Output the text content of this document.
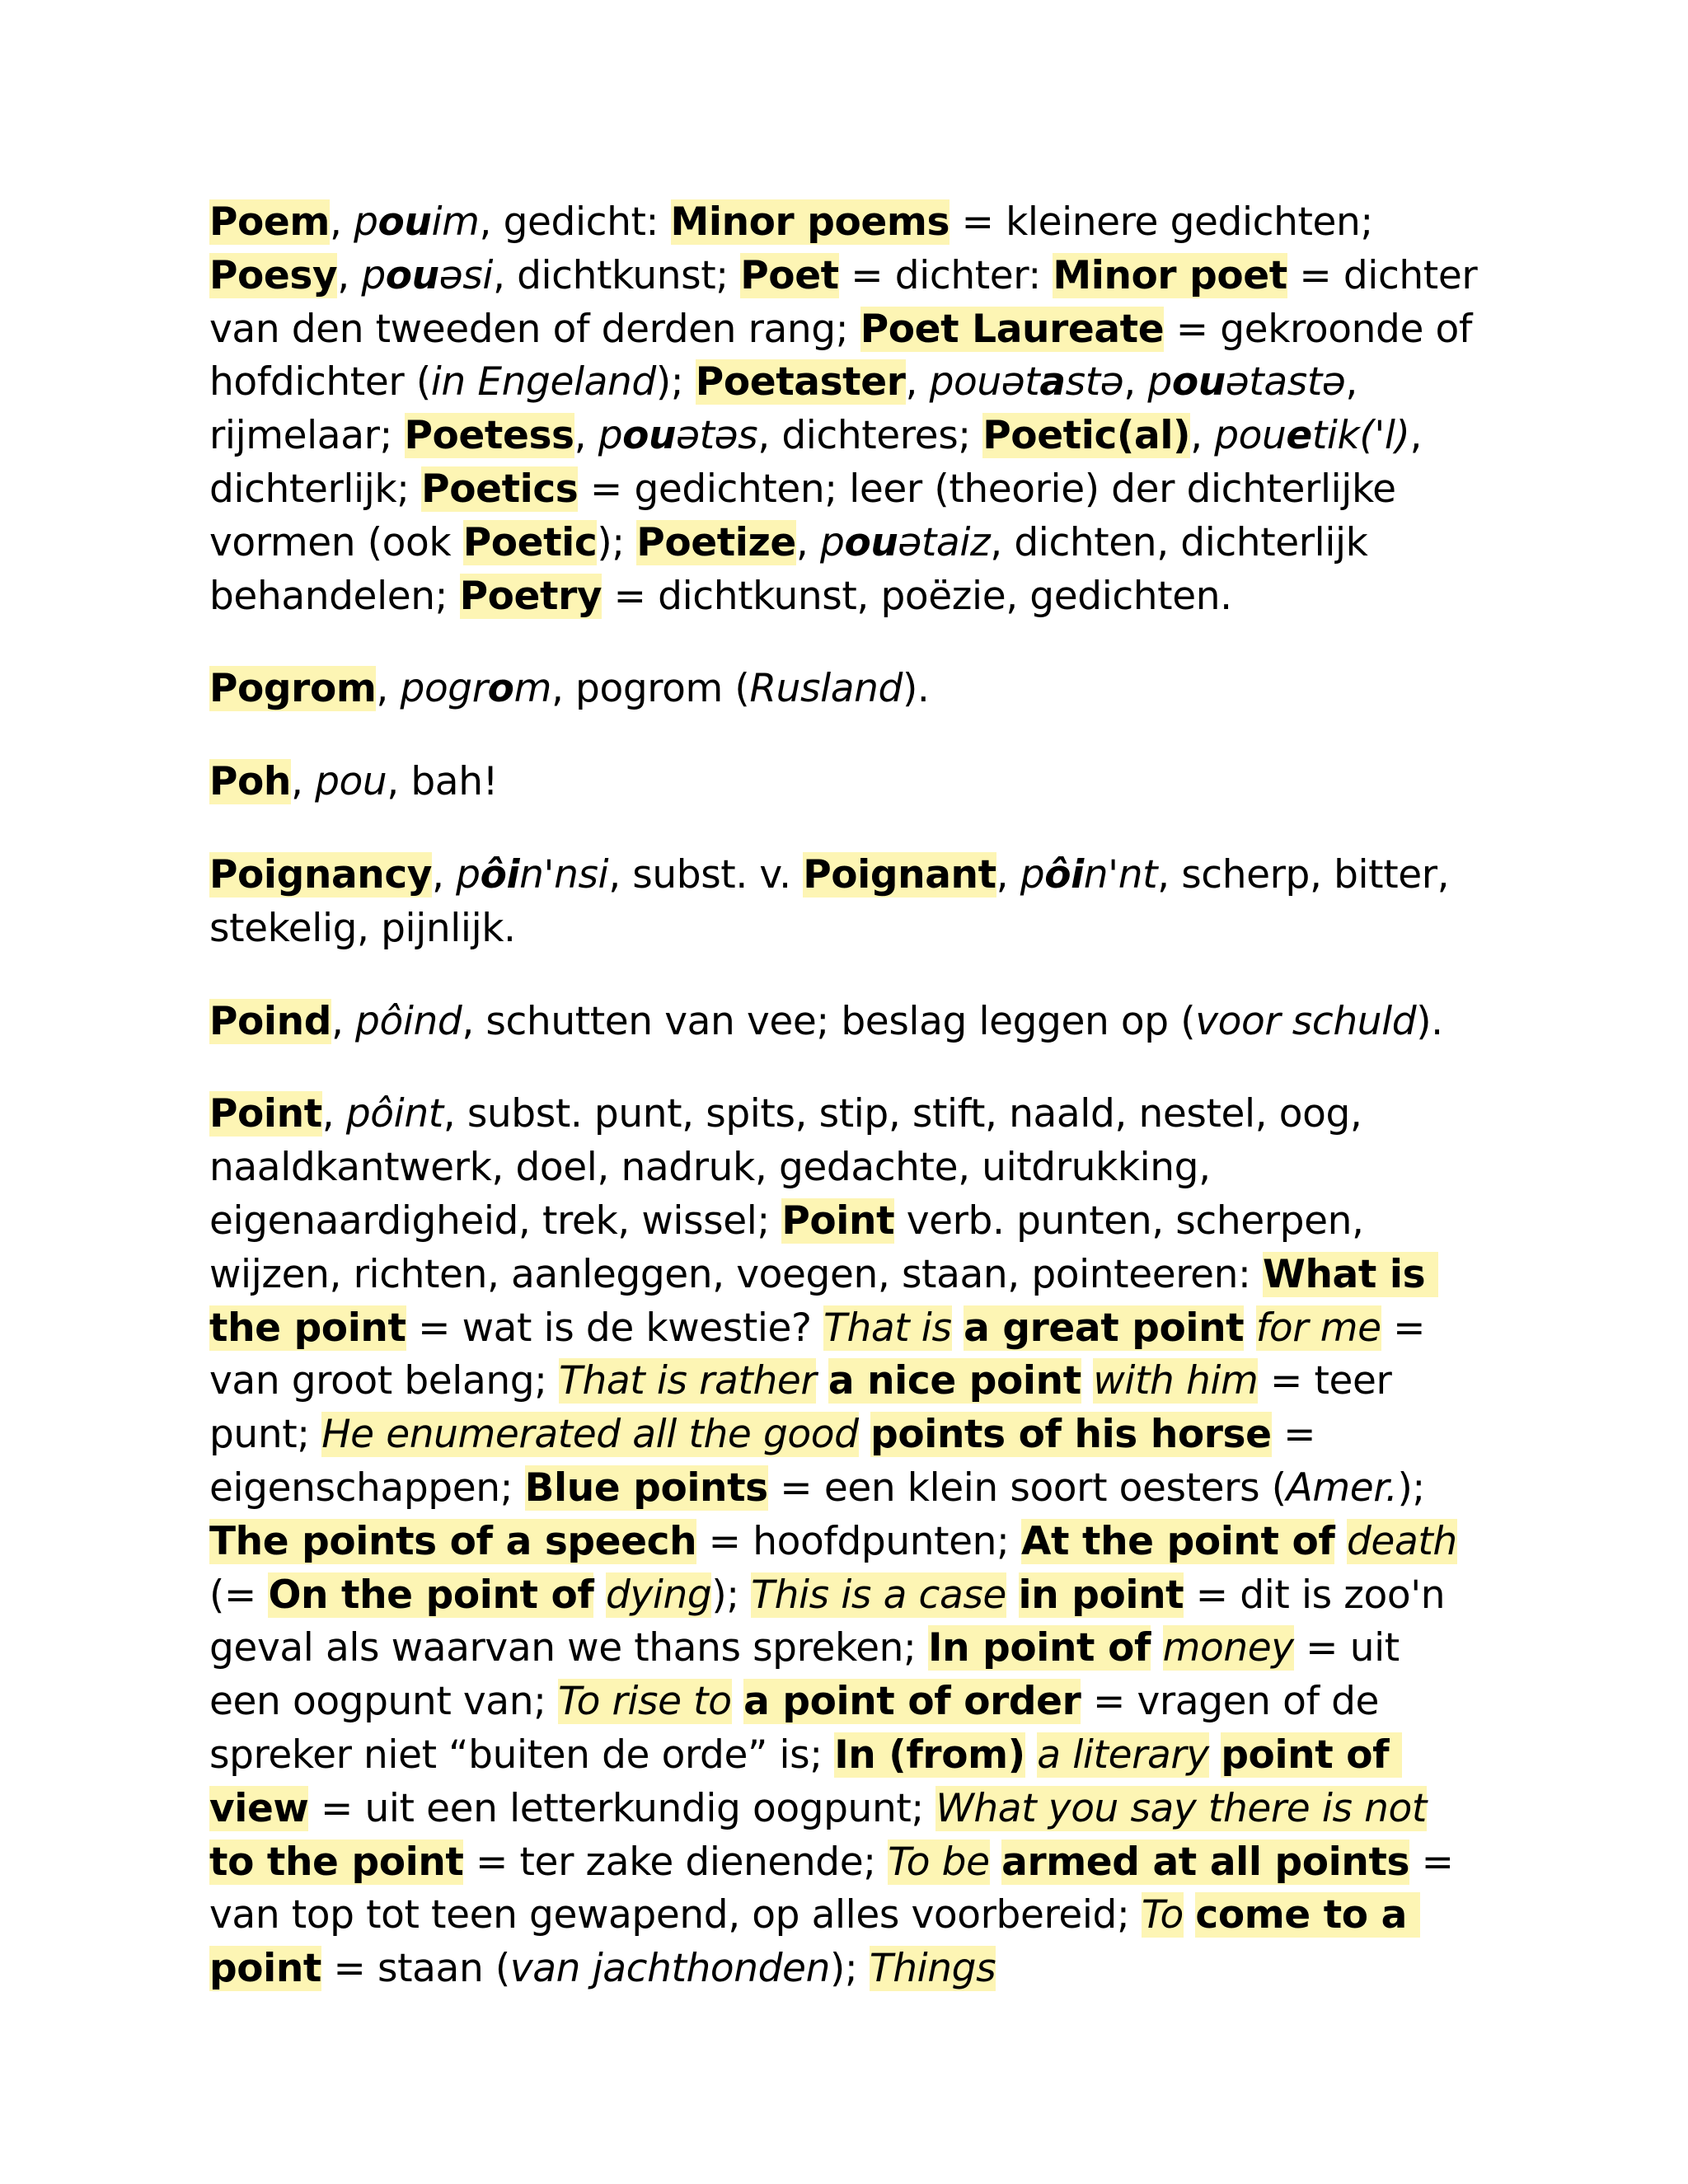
Poem, pouim, gedicht: Minor poems = kleinere gedichten; Poesy, pouəsi, dichtkunst; Poet = dichter: Minor poet = dichter van den tweeden of derden rang; Poet Laureate = gekroonde of hofdichter (in Engeland); Poetaster, pouətastə, pouətastə, rijmelaar; Poetess, pouətəs, dichteres; Poetic(al), pouetik('l), dichterlijk; Poetics = gedichten; leer (theorie) der dichterlijke vormen (ook Poetic); Poetize, pouətaiz, dichten, dichterlijk behandelen; Poetry = dichtkunst, poëzie, gedichten.

Pogrom, pogrom, pogrom (Rusland).

Poh, pou, bah!

Poignancy, pôin'nsi, subst. v. Poignant, pôin'nt, scherp, bitter, stekelig, pijnlijk.

Poind, pôind, schutten van vee; beslag leggen op (voor schuld).

Point, pôint, subst. punt, spits, stip, stift, naald, nestel, oog, naaldkantwerk, doel, nadruk, gedachte, uitdrukking, eigenaardigheid, trek, wissel; Point verb. punten, scherpen, wijzen, richten, aanleggen, voegen, staan, pointeeren: What is the point = wat is de kwestie? That is a great point for me = van groot belang; That is rather a nice point with him = teer punt; He enumerated all the good points of his horse = eigenschappen; Blue points = een klein soort oesters (Amer.); The points of a speech = hoofdpunten; At the point of death (= On the point of dying); This is a case in point = dit is zoo'n geval als waarvan we thans spreken; In point of money = uit een oogpunt van; To rise to a point of order = vragen of de spreker niet “buiten de orde” is; In (from) a literary point of view = uit een letterkundig oogpunt; What you say there is not to the point = ter zake dienende; To be armed at all points = van top tot teen gewapend, op alles voorbereid; To come to a point = staan (van jachthonden); Things
